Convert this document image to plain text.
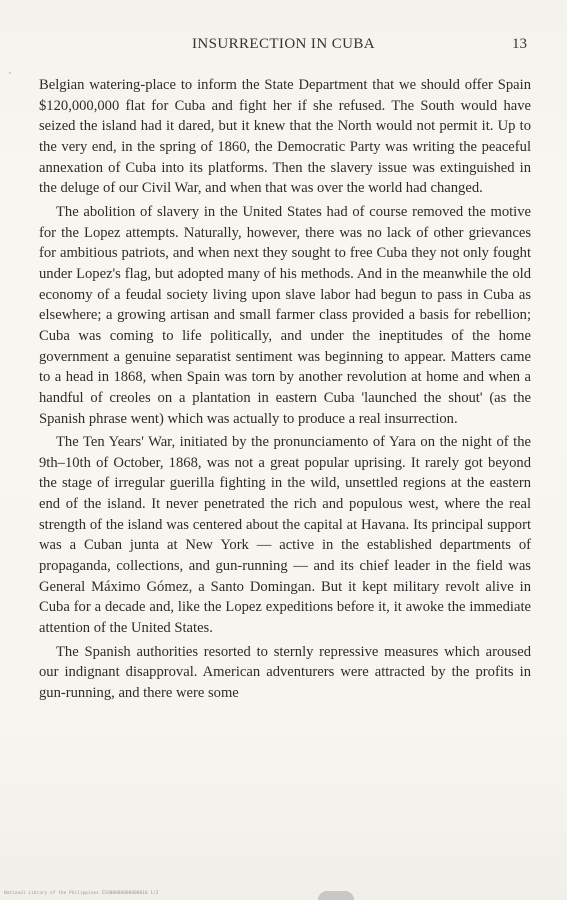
INSURRECTION IN CUBA	13

Belgian watering-place to inform the State Department that we should offer Spain $120,000,000 flat for Cuba and fight her if she refused. The South would have seized the island had it dared, but it knew that the North would not permit it. Up to the very end, in the spring of 1860, the Democratic Party was writing the peaceful annexation of Cuba into its platforms. Then the slavery issue was extinguished in the deluge of our Civil War, and when that was over the world had changed.

The abolition of slavery in the United States had of course removed the motive for the Lopez attempts. Naturally, however, there was no lack of other grievances for ambitious patriots, and when next they sought to free Cuba they not only fought under Lopez's flag, but adopted many of his methods. And in the meanwhile the old economy of a feudal society living upon slave labor had begun to pass in Cuba as elsewhere; a growing artisan and small farmer class provided a basis for rebellion; Cuba was coming to life politically, and under the ineptitudes of the home government a genuine separatist sentiment was beginning to appear. Matters came to a head in 1868, when Spain was torn by another revolution at home and when a handful of creoles on a plantation in eastern Cuba 'launched the shout' (as the Spanish phrase went) which was actually to produce a real insurrection.

The Ten Years' War, initiated by the pronunciamento of Yara on the night of the 9th–10th of October, 1868, was not a great popular uprising. It rarely got beyond the stage of irregular guerilla fighting in the wild, unsettled regions at the eastern end of the island. It never penetrated the rich and populous west, where the real strength of the island was centered about the capital at Havana. Its principal support was a Cuban junta at New York — active in the established departments of propaganda, collections, and gun-running — and its chief leader in the field was General Máximo Gómez, a Santo Domingan. But it kept military revolt alive in Cuba for a decade and, like the Lopez expeditions before it, it awoke the immediate attention of the United States.

The Spanish authorities resorted to sternly repressive measures which aroused our indignant disapproval. American adventurers were attracted by the profits in gun-running, and there were some

National Library of the Philippines ISSN0000000000010 1/2
